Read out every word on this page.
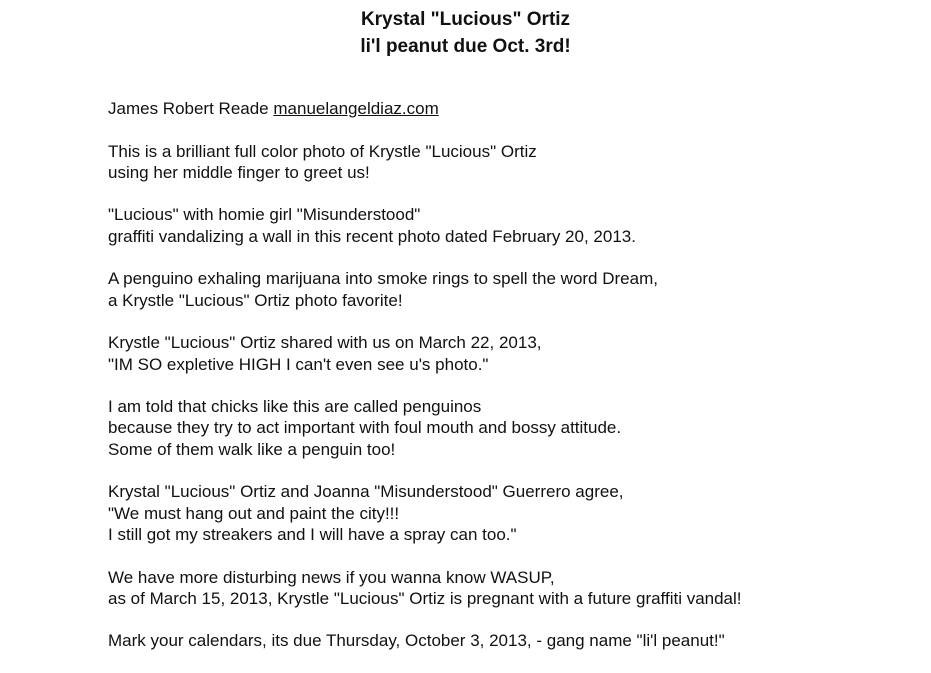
Krystal "Lucious" Ortiz
li'l peanut due Oct. 3rd!
James Robert Reade manuelangeldiaz.com
This is a brilliant full color photo of Krystle "Lucious" Ortiz
using her middle finger to greet us!
"Lucious" with homie girl "Misunderstood"
graffiti vandalizing a wall in this recent photo dated February 20, 2013.
A penguino exhaling marijuana into smoke rings to spell the word Dream,
a Krystle "Lucious" Ortiz photo favorite!
Krystle "Lucious" Ortiz shared with us on March 22, 2013,
"IM SO expletive HIGH I can't even see u's photo."
I am told that chicks like this are called penguinos
because they try to act important with foul mouth and bossy attitude.
Some of them walk like a penguin too!
Krystal "Lucious" Ortiz and Joanna "Misunderstood" Guerrero agree,
"We must hang out and paint the city!!!
I still got my streakers and I will have a spray can too."
We have more disturbing news if you wanna know WASUP,
as of March 15, 2013, Krystle "Lucious" Ortiz is pregnant with a future graffiti vandal!
Mark your calendars, its due Thursday, October 3, 2013, - gang name "li'l peanut!"
